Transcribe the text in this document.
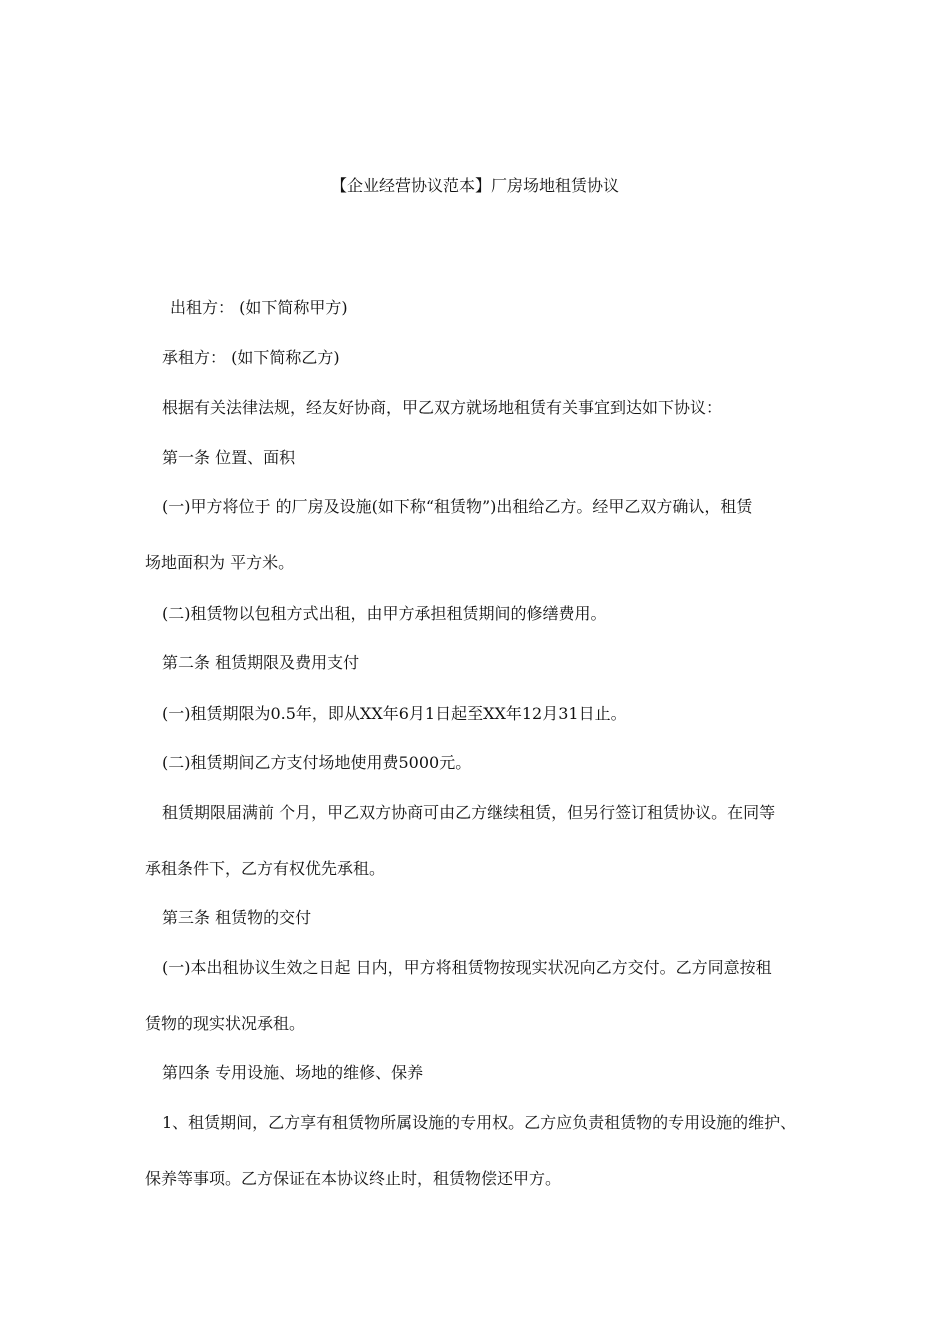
【企业经营协议范本】厂房场地租赁协议
出租方： (如下简称甲方)
承租方： (如下简称乙方)
根据有关法律法规，经友好协商，甲乙双方就场地租赁有关事宜到达如下协议：
第一条 位置、面积
(一)甲方将位于 的厂房及设施(如下称“租赁物”)出租给乙方。经甲乙双方确认，租赁
场地面积为 平方米。
(二)租赁物以包租方式出租，由甲方承担租赁期间的修缮费用。
第二条 租赁期限及费用支付
(一)租赁期限为0.5年，即从XX年6月1日起至XX年12月31日止。
(二)租赁期间乙方支付场地使用费5000元。
租赁期限届满前 个月，甲乙双方协商可由乙方继续租赁，但另行签订租赁协议。在同等
承租条件下，乙方有权优先承租。
第三条 租赁物的交付
(一)本出租协议生效之日起 日内，甲方将租赁物按现实状况向乙方交付。乙方同意按租
赁物的现实状况承租。
第四条 专用设施、场地的维修、保养
1、租赁期间，乙方享有租赁物所属设施的专用权。乙方应负责租赁物的专用设施的维护、
保养等事项。乙方保证在本协议终止时，租赁物偿还甲方。
